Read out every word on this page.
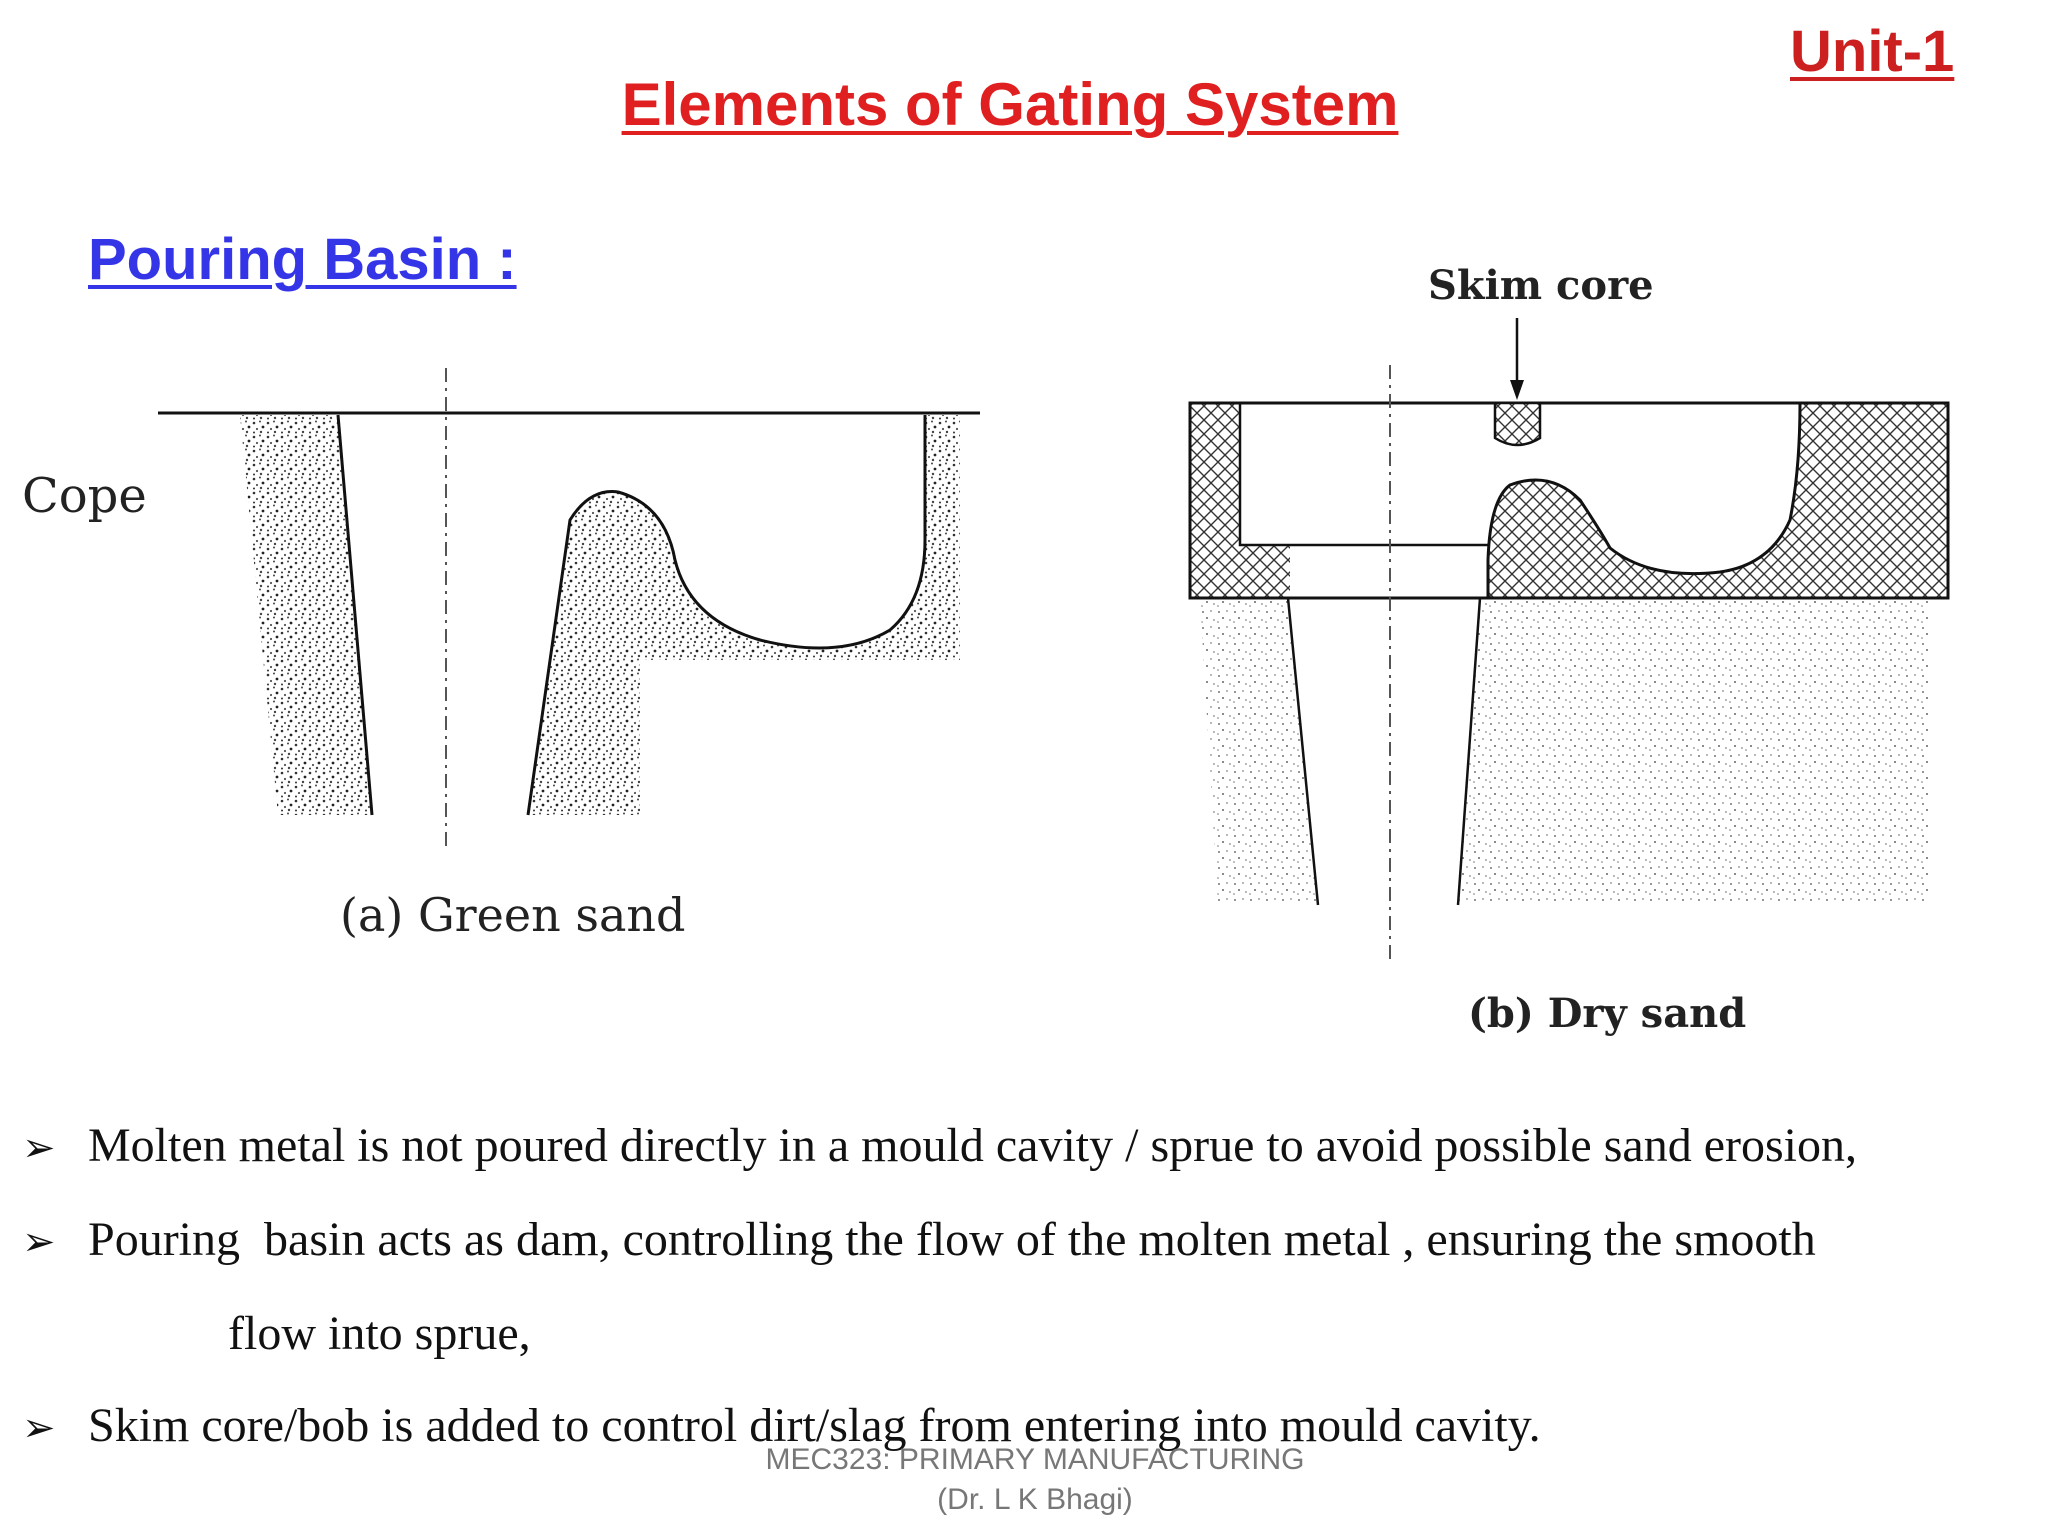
Unit-1
Elements of Gating System
Pouring Basin :
Cope
(a) Green sand
Skim core
(b) Dry sand
➢ Molten metal is not poured directly in a mould cavity / sprue to avoid possible sand erosion,
➢ Pouring  basin acts as dam, controlling the flow of the molten metal , ensuring the smooth
flow into sprue,
➢ Skim core/bob is added to control dirt/slag from entering into mould cavity.
MEC323: PRIMARY MANUFACTURING
(Dr. L K Bhagi)
